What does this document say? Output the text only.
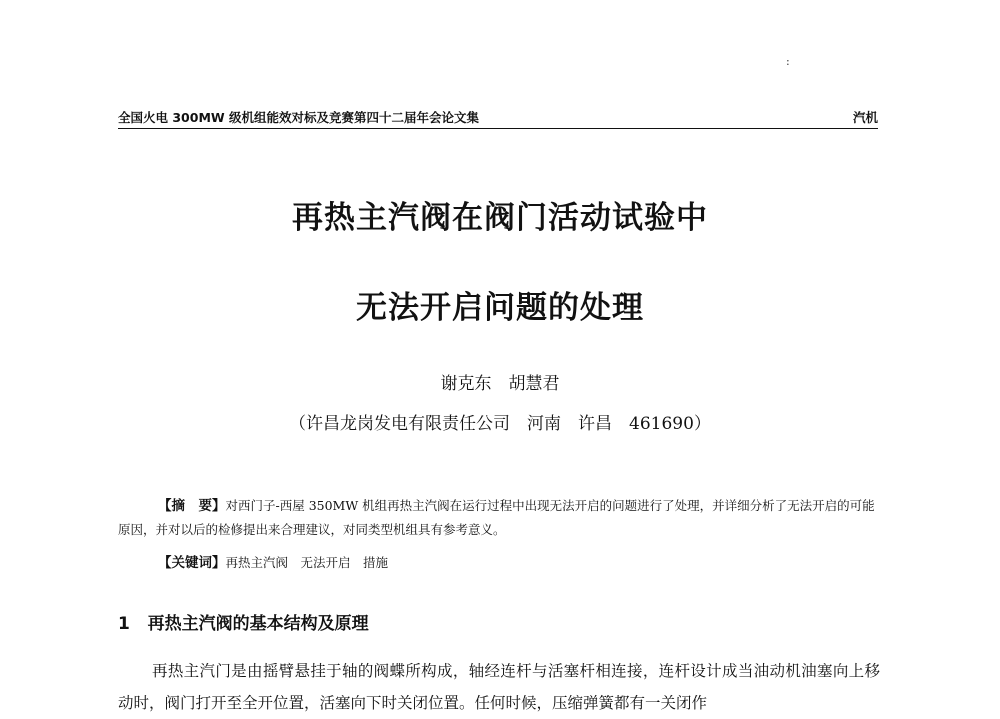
:
全国火电 300MW 级机组能效对标及竞赛第四十二届年会论文集	汽机
再热主汽阀在阀门活动试验中
无法开启问题的处理
谢克东　胡慧君
（许昌龙岗发电有限责任公司　河南　许昌　461690）
【摘　要】对西门子-西屋 350MW 机组再热主汽阀在运行过程中出现无法开启的问题进行了处理，并详细分析了无法开启的可能原因，并对以后的检修提出来合理建议，对同类型机组具有参考意义。
【关键词】再热主汽阀　无法开启　措施
1 再热主汽阀的基本结构及原理
再热主汽门是由摇臂悬挂于轴的阀蝶所构成，轴经连杆与活塞杆相连接，连杆设计成当油动机油塞向上移动时，阀门打开至全开位置，活塞向下时关闭位置。任何时候，压缩弹簧都有一关闭作
